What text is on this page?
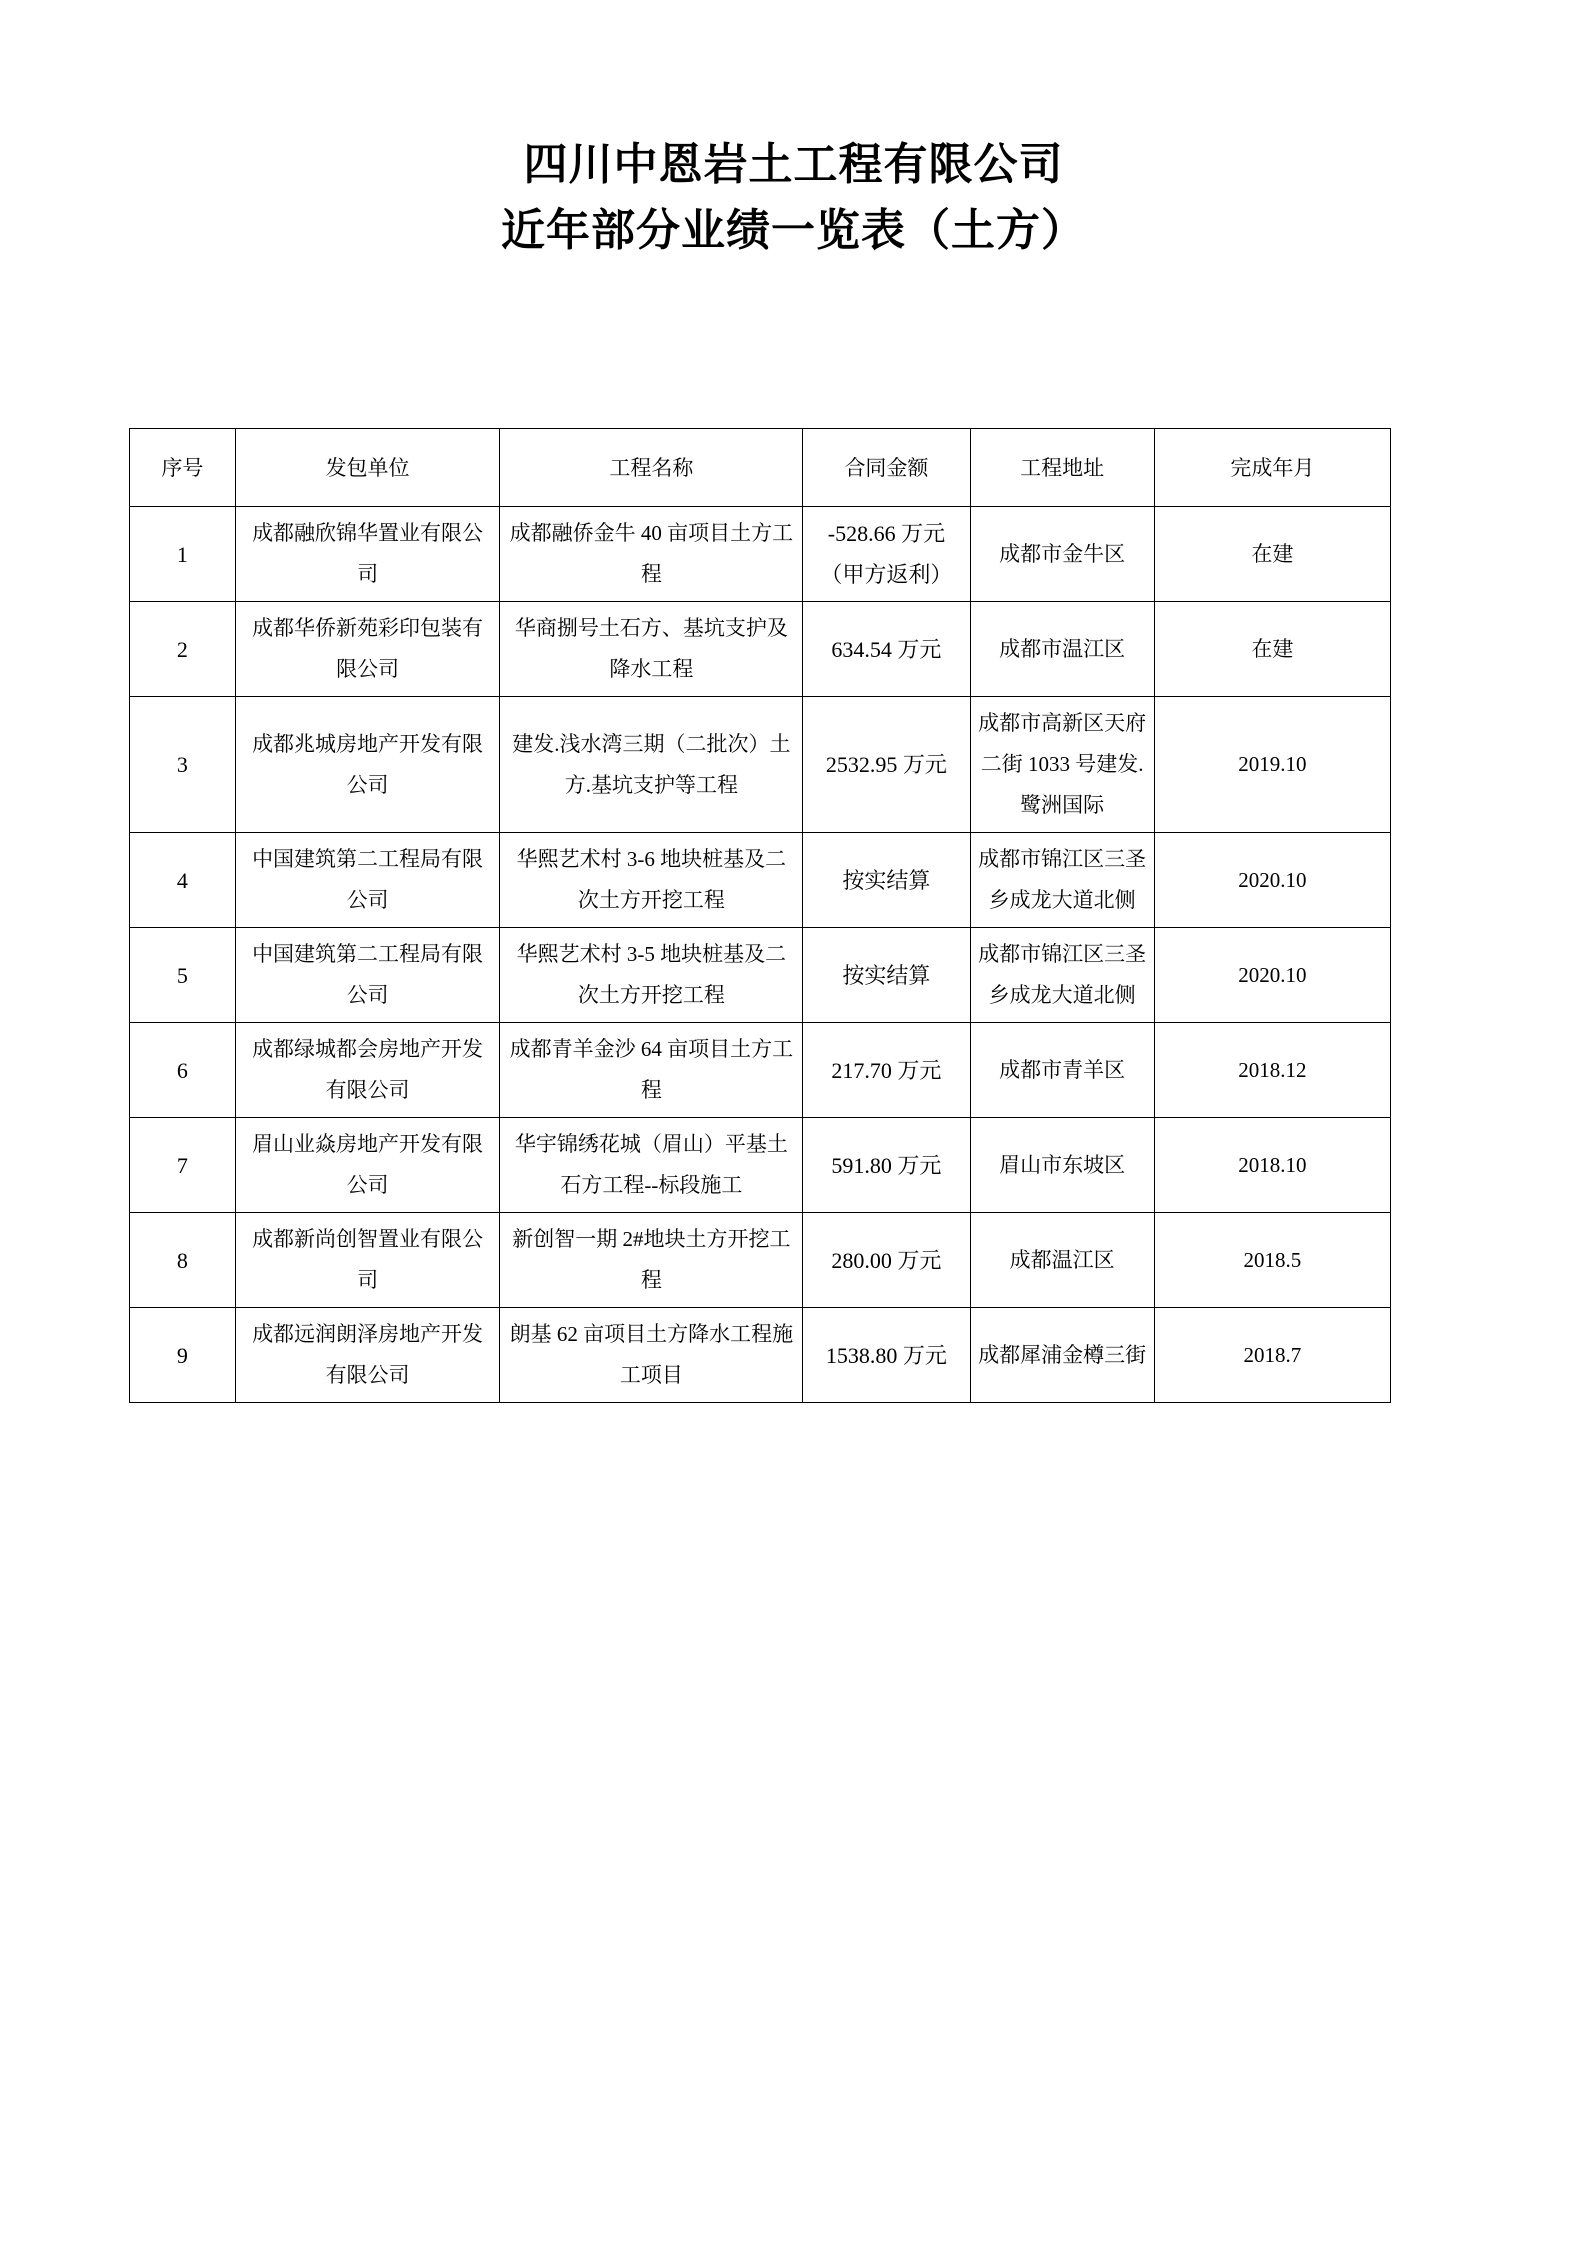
四川中恩岩土工程有限公司
近年部分业绩一览表（土方）
序号	发包单位	工程名称	合同金额	工程地址	完成年月
1	成都融欣锦华置业有限公司	成都融侨金牛 40 亩项目土方工程	-528.66 万元（甲方返利）	成都市金牛区	在建
2	成都华侨新苑彩印包装有限公司	华商捌号土石方、基坑支护及降水工程	634.54 万元	成都市温江区	在建
3	成都兆城房地产开发有限公司	建发.浅水湾三期（二批次）土方.基坑支护等工程	2532.95 万元	成都市高新区天府二街 1033 号建发.鹭洲国际	2019.10
4	中国建筑第二工程局有限公司	华熙艺术村 3-6 地块桩基及二次土方开挖工程	按实结算	成都市锦江区三圣乡成龙大道北侧	2020.10
5	中国建筑第二工程局有限公司	华熙艺术村 3-5 地块桩基及二次土方开挖工程	按实结算	成都市锦江区三圣乡成龙大道北侧	2020.10
6	成都绿城都会房地产开发有限公司	成都青羊金沙 64 亩项目土方工程	217.70 万元	成都市青羊区	2018.12
7	眉山业焱房地产开发有限公司	华宇锦绣花城（眉山）平基土石方工程--标段施工	591.80 万元	眉山市东坡区	2018.10
8	成都新尚创智置业有限公司	新创智一期 2#地块土方开挖工程	280.00 万元	成都温江区	2018.5
9	成都远润朗泽房地产开发有限公司	朗基 62 亩项目土方降水工程施工项目	1538.80 万元	成都犀浦金樽三街	2018.7
